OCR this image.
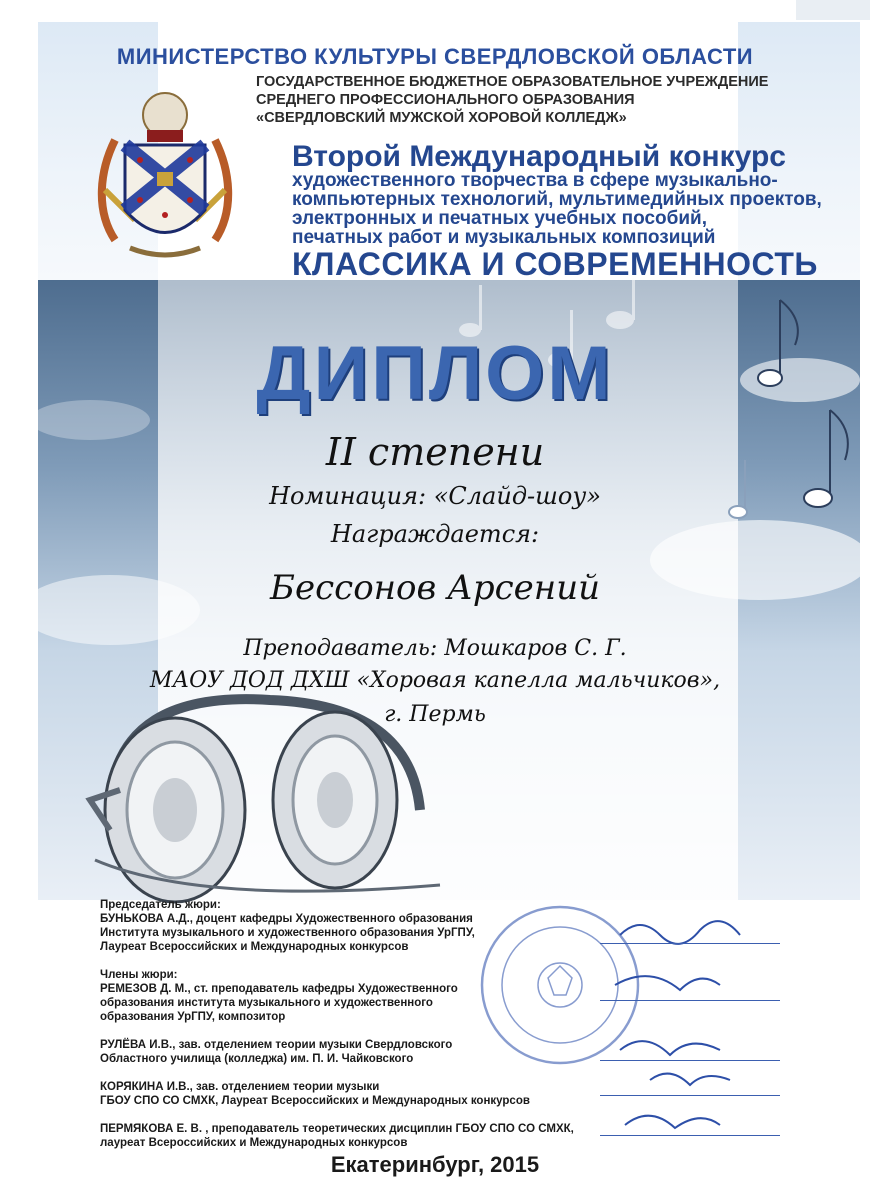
МИНИСТЕРСТВО КУЛЬТУРЫ СВЕРДЛОВСКОЙ ОБЛАСТИ

ГОСУДАРСТВЕННОЕ БЮДЖЕТНОЕ ОБРАЗОВАТЕЛЬНОЕ УЧРЕЖДЕНИЕ

СРЕДНЕГО ПРОФЕССИОНАЛЬНОГО ОБРАЗОВАНИЯ

«СВЕРДЛОВСКИЙ МУЖСКОЙ ХОРОВОЙ КОЛЛЕДЖ»

Второй Международный конкурс

художественного творчества в сфере музыкально-

компьютерных технологий, мультимедийных проектов,

электронных и печатных учебных пособий,

печатных работ и музыкальных композиций

КЛАССИКА И СОВРЕМЕННОСТЬ

ДИПЛОМ

II степени

Номинация: «Слайд-шоу»

Награждается:

Бессонов Арсений

Преподаватель: Мошкаров С. Г.

МАОУ ДОД ДХШ «Хоровая капелла мальчиков»,

г. Пермь

Председатель жюри:

БУНЬКОВА А.Д., доцент кафедры Художественного образования
Института музыкального и художественного образования УрГПУ,
Лауреат Всероссийских и Международных конкурсов

Члены жюри:

РЕМЕЗОВ Д. М., ст. преподаватель кафедры Художественного
образования института музыкального и художественного
образования УрГПУ, композитор
РУЛЁВА И.В., зав. отделением теории музыки Свердловского
Областного училища (колледжа) им. П. И. Чайковского
КОРЯКИНА И.В., зав. отделением теории музыки
ГБОУ СПО СО СМХК, Лауреат Всероссийских и Международных конкурсов
ПЕРМЯКОВА Е. В. , преподаватель теоретических дисциплин ГБОУ СПО СО СМХК,
лауреат Всероссийских и Международных конкурсов

Екатеринбург, 2015
